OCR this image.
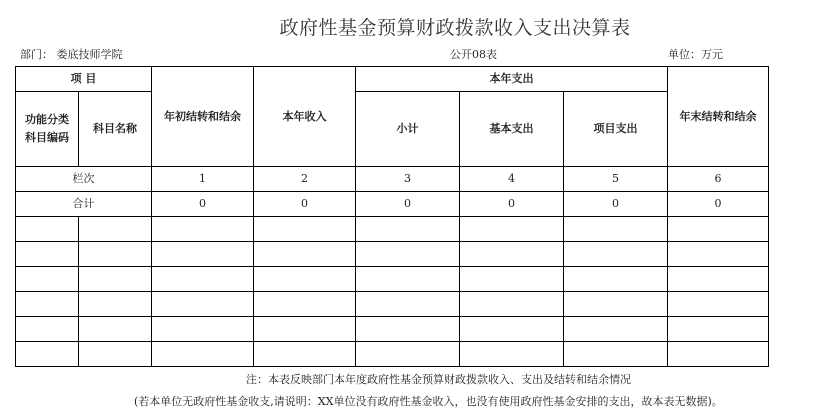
政府性基金预算财政拨款收入支出决算表
部门： 娄底技师学院	公开08表	单位：万元
项 目		年初结转和结余	本年收入	本年支出			年末结转和结余
功能分类科目编码	科目名称			小计	基本支出	项目支出	

栏次		1	2	3	4	5	6
合计		0	0	0	0	0	0

注：本表反映部门本年度政府性基金预算财政拨款收入、支出及结转和结余情况
(若本单位无政府性基金收支,请说明：XX单位没有政府性基金收入，也没有使用政府性基金安排的支出，故本表无数据)。
